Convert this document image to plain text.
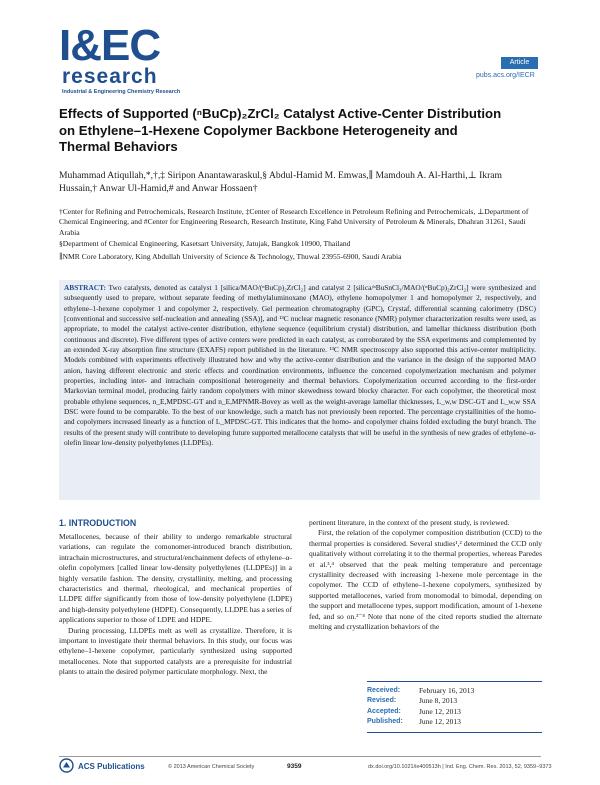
I&EC
research
Industrial & Engineering Chemistry Research
Article
pubs.acs.org/IECR
Effects of Supported (ⁿBuCp)₂ZrCl₂ Catalyst Active-Center Distribution on Ethylene–1-Hexene Copolymer Backbone Heterogeneity and Thermal Behaviors
Muhammad Atiqullah,*,†,‡ Siripon Anantawaraskul,§ Abdul-Hamid M. Emwas,∥ Mamdouh A. Al-Harthi,⊥ Ikram Hussain,† Anwar Ul-Hamid,# and Anwar Hossaen†
†Center for Refining and Petrochemicals, Research Institute, ‡Center of Research Excellence in Petroleum Refining and Petrochemicals, ⊥Department of Chemical Engineering, and #Center for Engineering Research, Research Institute, King Fahd University of Petroleum & Minerals, Dhahran 31261, Saudi Arabia
§Department of Chemical Engineering, Kasetsart University, Jatujak, Bangkok 10900, Thailand
∥NMR Core Laboratory, King Abdullah University of Science & Technology, Thuwal 23955-6900, Saudi Arabia
ABSTRACT: Two catalysts, denoted as catalyst 1 [silica/MAO/(ⁿBuCp)₂ZrCl₂] and catalyst 2 [silica/ⁿBuSnCl₃/MAO/(ⁿBuCp)₂ZrCl₂] were synthesized and subsequently used to prepare, without separate feeding of methylaluminoxane (MAO), ethylene homopolymer 1 and homopolymer 2, respectively, and ethylene–1-hexene copolymer 1 and copolymer 2, respectively. Gel permeation chromatography (GPC), Crystaf, differential scanning calorimetry (DSC) [conventional and successive self-nucleation and annealing (SSA)], and ¹³C nuclear magnetic resonance (NMR) polymer characterization results were used, as appropriate, to model the catalyst active-center distribution, ethylene sequence (equilibrium crystal) distribution, and lamellar thickness distribution (both continuous and discrete). Five different types of active centers were predicted in each catalyst, as corroborated by the SSA experiments and complemented by an extended X-ray absorption fine structure (EXAFS) report published in the literature. ¹³C NMR spectroscopy also supported this active-center multiplicity. Models combined with experiments effectively illustrated how and why the active-center distribution and the variance in the design of the supported MAO anion, having different electronic and steric effects and coordination environments, influence the concerned copolymerization mechanism and polymer properties, including inter- and intrachain compositional heterogeneity and thermal behaviors. Copolymerization occurred according to the first-order Markovian terminal model, producing fairly random copolymers with minor skewedness toward blocky character. For each copolymer, the theoretical most probable ethylene sequences, n_E,MPDSC-GT and n_E,MPNMR-Bovey as well as the weight-average lamellar thicknesses, L_w,w DSC-GT and L_w,w SSA DSC were found to be comparable. To the best of our knowledge, such a match has not previously been reported. The percentage crystallinities of the homo- and copolymers increased linearly as a function of L_MPDSC-GT. This indicates that the homo- and copolymer chains folded excluding the butyl branch. The results of the present study will contribute to developing future supported metallocene catalysts that will be useful in the synthesis of new grades of ethylene–α-olefin linear low-density polyethylenes (LLDPEs).
1. INTRODUCTION

Metallocenes, because of their ability to undergo remarkable structural variations, can regulate the comonomer-introduced branch distribution, intrachain microstructures, and structural/enchainment defects of ethylene–α-olefin copolymers [called linear low-density polyethylenes (LLDPEs)] in a highly versatile fashion. The density, crystallinity, melting, and processing characteristics and thermal, rheological, and mechanical properties of LLDPE differ significantly from those of low-density polyethylene (LDPE) and high-density polyethylene (HDPE). Consequently, LLDPE has a series of applications superior to those of LDPE and HDPE.

During processing, LLDPEs melt as well as crystallize. Therefore, it is important to investigate their thermal behaviors. In this study, our focus was ethylene–1-hexene copolymer, particularly synthesized using supported metallocenes. Note that supported catalysts are a prerequisite for industrial plants to attain the desired polymer particulate morphology. Next, the

pertinent literature, in the context of the present study, is reviewed.

First, the relation of the copolymer composition distribution (CCD) to the thermal properties is considered. Several studies¹,² determined the CCD only qualitatively without correlating it to the thermal properties, whereas Paredes et al.³,⁴ observed that the peak melting temperature and percentage crystallinity decreased with increasing 1-hexene mole percentage in the copolymer. The CCD of ethylene–1-hexene copolymers, synthesized by supported metallocenes, varied from monomodal to bimodal, depending on the support and metallocene types, support modification, amount of 1-hexene fed, and so on.³⁻⁴ Note that none of the cited reports studied the alternate melting and crystallization behaviors of the

Received:	February 16, 2013
Revised:	June 8, 2013
Accepted:	June 12, 2013
Published:	June 12, 2013
ACS Publications	© 2013 American Chemical Society	9359	dx.doi.org/10.1021/ie400513h | Ind. Eng. Chem. Res. 2013, 52, 9359−9373
